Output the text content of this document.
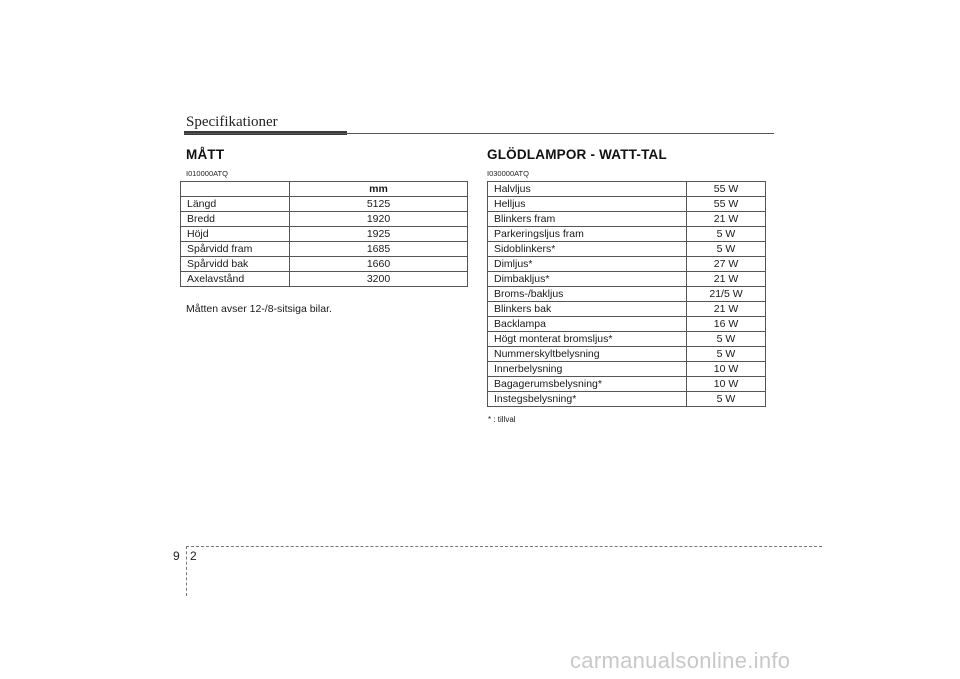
Specifikationer
MÅTT
I010000ATQ
	mm
Längd	5125
Bredd	1920
Höjd	1925
Spårvidd fram	1685
Spårvidd bak	1660
Axelavstånd	3200
Måtten avser 12-/8-sitsiga bilar.
GLÖDLAMPOR - WATT-TAL
I030000ATQ
Halvljus	55 W
Helljus	55 W
Blinkers fram	21 W
Parkeringsljus fram	5 W
Sidoblinkers*	5 W
Dimljus*	27 W
Dimbakljus*	21 W
Broms-/bakljus	21/5 W
Blinkers bak	21 W
Backlampa	16 W
Högt monterat bromsljus*	5 W
Nummerskyltbelysning	5 W
Innerbelysning	10 W
Bagagerumsbelysning*	10 W
Instegsbelysning*	5 W
* : tillval
9 2
carmanualsonline.info
